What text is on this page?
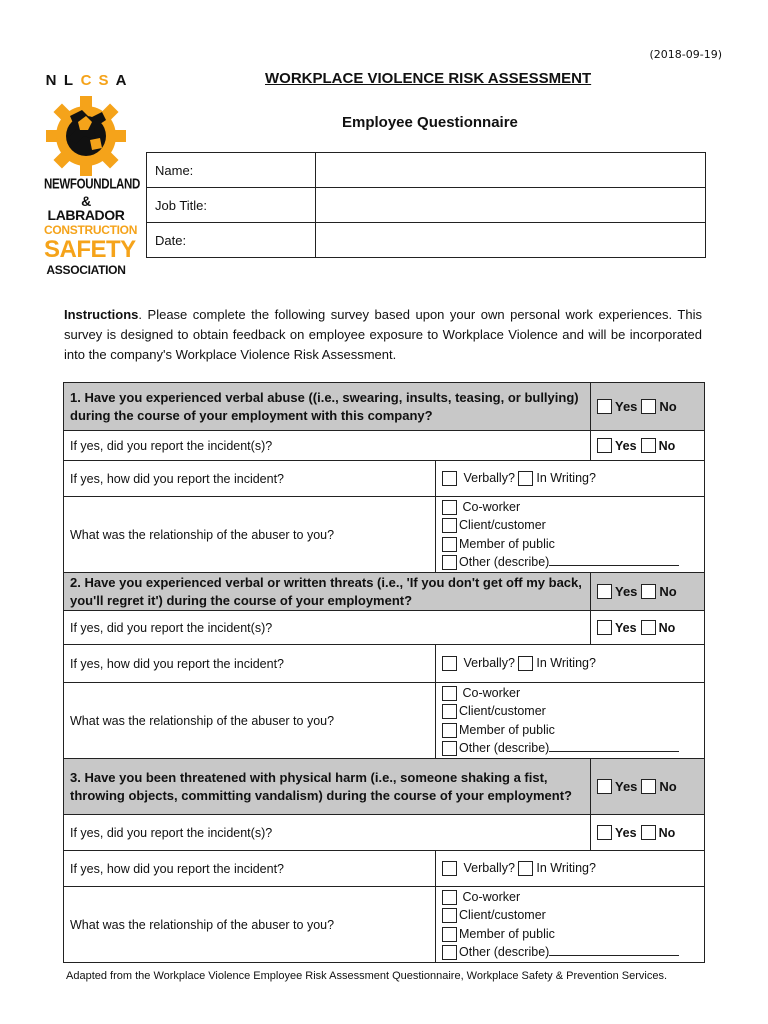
(2018-09-19)
N L C S A
NEWFOUNDLAND
& LABRADOR
CONSTRUCTION
SAFETY
ASSOCIATION
WORKPLACE VIOLENCE RISK ASSESSMENT
Employee Questionnaire
Name:	
Job Title:	
Date:	
Instructions. Please complete the following survey based upon your own personal work experiences. This survey is designed to obtain feedback on employee exposure to Workplace Violence and will be incorporated into the company's Workplace Violence Risk Assessment.
1. Have you experienced verbal abuse ((i.e., swearing, insults, teasing, or bullying) during the course of your employment with this company?		Yes No
If yes, did you report the incident(s)?		Yes No
If yes, how did you report the incident?	Verbally? In Writing?	
What was the relationship of the abuser to you?	Co-worker
Client/customer
Member of public
Other (describe)	

2. Have you experienced verbal or written threats (i.e., 'If you don't get off my back, you'll regret it') during the course of your employment?		Yes No
If yes, did you report the incident(s)?		Yes No
If yes, how did you report the incident?	Verbally? In Writing?	
What was the relationship of the abuser to you?	Co-worker
Client/customer
Member of public
Other (describe)	

3. Have you been threatened with physical harm (i.e., someone shaking a fist, throwing objects, committing vandalism) during the course of your employment?		Yes No
If yes, did you report the incident(s)?		Yes No
If yes, how did you report the incident?	Verbally? In Writing?	
What was the relationship of the abuser to you?	Co-worker
Client/customer
Member of public
Other (describe)	
Adapted from the Workplace Violence Employee Risk Assessment Questionnaire, Workplace Safety & Prevention Services.
